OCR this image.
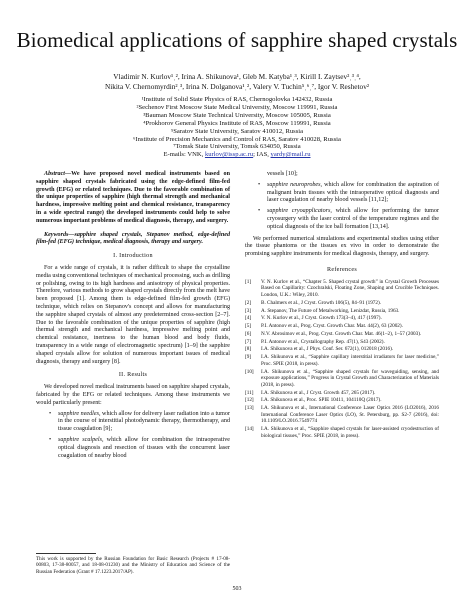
Biomedical applications of sapphire shaped crystals
Vladimir N. Kurlov¹ˌ², Irina A. Shikunova¹, Gleb M. Katyba¹ˌ³, Kirill I. Zaytsev²ˌ³ˌ⁴,
Nikita V. Chernomyrdin²ˌ³, Irina N. Dolganova¹ˌ², Valery V. Tuchin⁵ˌ⁶ˌ⁷, Igor V. Reshetov²
¹Institute of Solid State Physics of RAS, Chernogolovka 142432, Russia
²Sechenov First Moscow State Medical University, Moscow 119991, Russia
³Bauman Moscow State Technical University, Moscow 105005, Russia
⁴Prokhorov General Physics Institute of RAS, Moscow 119991, Russia
⁵Saratov State University, Saratov 410012, Russia
⁶Institute of Precision Mechanics and Control of RAS, Saratov 410028, Russia
⁷Tomsk State University, Tomsk 634050, Russia
E-mails: VNK, kurlov@issp.ac.ru; IAS, yardy@mail.ru

Abstract—We have proposed novel medical instruments based on sapphire shaped crystals fabricated using the edge-defined film-fed growth (EFG) or related techniques. Due to the favorable combination of the unique properties of sapphire (high thermal strength and mechanical hardness, impressive melting point and chemical resistance, transparency in a wide spectral range) the developed instruments could help to solve numerous important problems of medical diagnosis, therapy, and surgery.

Keywords—sapphire shaped crystals, Stepanov method, edge-defined film-fed (EFG) technique, medical diagnosis, therapy and surgery.

I. Introduction

For a wide range of crystals, it is rather difficult to shape the crystalline media using conventional techniques of mechanical processing, such as drilling or polishing, owing to its high hardness and anisotropy of physical properties. Therefore, various methods to grow shaped crystals directly from the melt have been proposed [1]. Among them is edge-defined film-fed growth (EFG) technique, which relies on Stepanov's concept and allows for manufacturing the sapphire shaped crystals of almost any predetermined cross-section [2–7]. Due to the favorable combination of the unique properties of sapphire (high thermal strength and mechanical hardness, impressive melting point and chemical resistance, inertness to the human blood and body fluids, transparency in a wide range of electromagnetic spectrum) [1–9] the sapphire shaped crystals allow for solution of numerous important issues of medical diagnosis, therapy and surgery [8].

II. Results

We developed novel medical instruments based on sapphire shaped crystals, fabricated by the EFG or related techniques. Among these instruments we would particularly present:

• sapphire needles, which allow for delivery laser radiation into a tumor in the course of interstitial photodynamic therapy, thermotherapy, and tissue coagulation [9];
• sapphire scalpels, which allow for combination the intraoperative optical diagnosis and resection of tissues with the concurrent laser coagulation of nearby blood

vessels [10];

• sapphire neuroprobes, which allow for combination the aspiration of malignant brain tissues with the intraoperative optical diagnosis and laser coagulation of nearby blood vessels [11,12];
• sapphire cryoapplicators, which allow for performing the tumor cryosurgery with the laser control of the temperature regimes and the optical diagnosis of the ice ball formation [13,14].

We performed numerical simulations and experimental studies using either the tissue phantoms or the tissues ex vivo in order to demonstrate the promising sapphire instruments for medical diagnosis, therapy, and surgery.

References
[1]	V. N. Kurlov et al., “Chapter 5. Shaped crystal growth” in Crystal Growth Processes Based on Capillarity: Czochralski, Floating Zone, Shaping and Crucible Techniques. London, U.K.: Wiley, 2010.
[2]	B. Chalmers et al., J Cryst. Growth 106(5), 84–91 (1972).
[3]	A. Stepanov, The Future of Metalworking, Lenizdat, Russia, 1963.
[4]	V. N. Kurlov et al., J Cryst. Growth 173(3–4), 417 (1997).
[5]	P.I. Antonov et al., Prog. Cryst. Growth Char. Mat. 44(2), 63 (2002).
[6]	N.V. Abrosimov et al., Prog. Cryst. Growth Char. Mat. 46(1–2), 1–57 (2003).
[7]	P.I. Antonov et al., Crystallography Rep. 47(1), S43 (2002).
[8]	I.A. Shikunova et al., J Phys. Conf. Ser. 672(1), 012018 (2016).
[9]	I.A. Shikunova et al., “Sapphire capillary interstitial irradiators for laser medicine,” Proc. SPIE (2018, in press).
[10]	I.A. Shikunova et al., “Sapphire shaped crystals for waveguiding, sensing, and exposure applications,” Progress in Crystal Growth and Characterization of Materials (2018, in press).
[11]	I.A. Shikunova et al., J Cryst. Growth 457, 265 (2017).
[12]	I.A. Shikunova et al., Proc. SPIE 10411, 104110Q (2017).
[13]	I.A. Shikunova et al., International Conference Laser Optics 2016 (LO2016), 2016 International Conference Laser Optics (LO), St. Petersburg, pp. S2-7 (2016), doi: 10.1109/LO.2016.7549774
[14]	I.A. Shikunova et al., “Sapphire shaped crystals for laser-assisted cryodestruction of biological tissues,” Proc. SPIE (2018, in press).
This work is supported by the Russian Foundation for Basic Research (Projects # 17-08-00803, 17-38-80057, and 18-08-01230) and the Ministry of Education and Science of the Russian Federation (Grant # 17.1223.2017/AP).
503
